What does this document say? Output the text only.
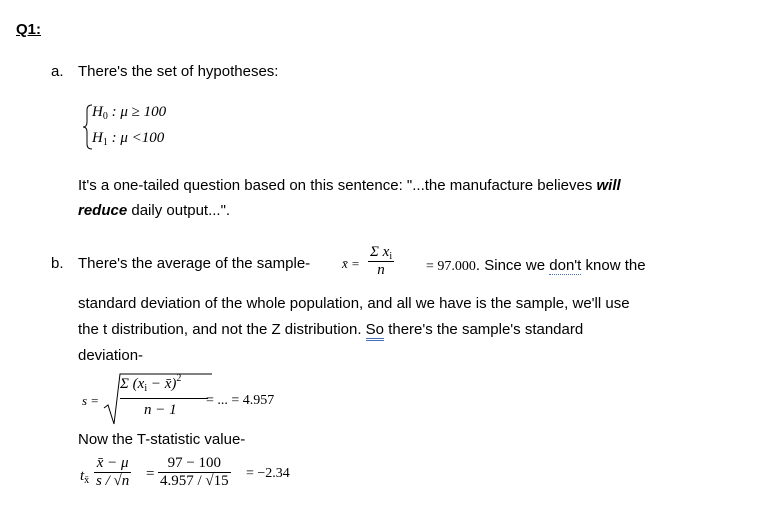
Q1:
a. There's the set of hypotheses:
$H_0$ : μ ≥ 100
$H_1$ : μ <100
It's a one-tailed question based on this sentence: "...the manufacture believes will
reduce daily output...".
b. There's the average of the sample- x̄ = $\frac{\Sigma x_i}{n} = 97.000$. Since we don't know the
standard deviation of the whole population, and all we have is the sample, we'll use
the t distribution, and not the Z distribution. So there's the sample's standard
deviation-
s =
Σ ($x_i$ − x̄)$^2$
n − 1
= ... = 4.957
Now the T-statistic value-
$t_{x̄} \frac{x̄ - \mu}{s / √n} = \frac{97 - 100}{4.957 / √15} = -2.34$
